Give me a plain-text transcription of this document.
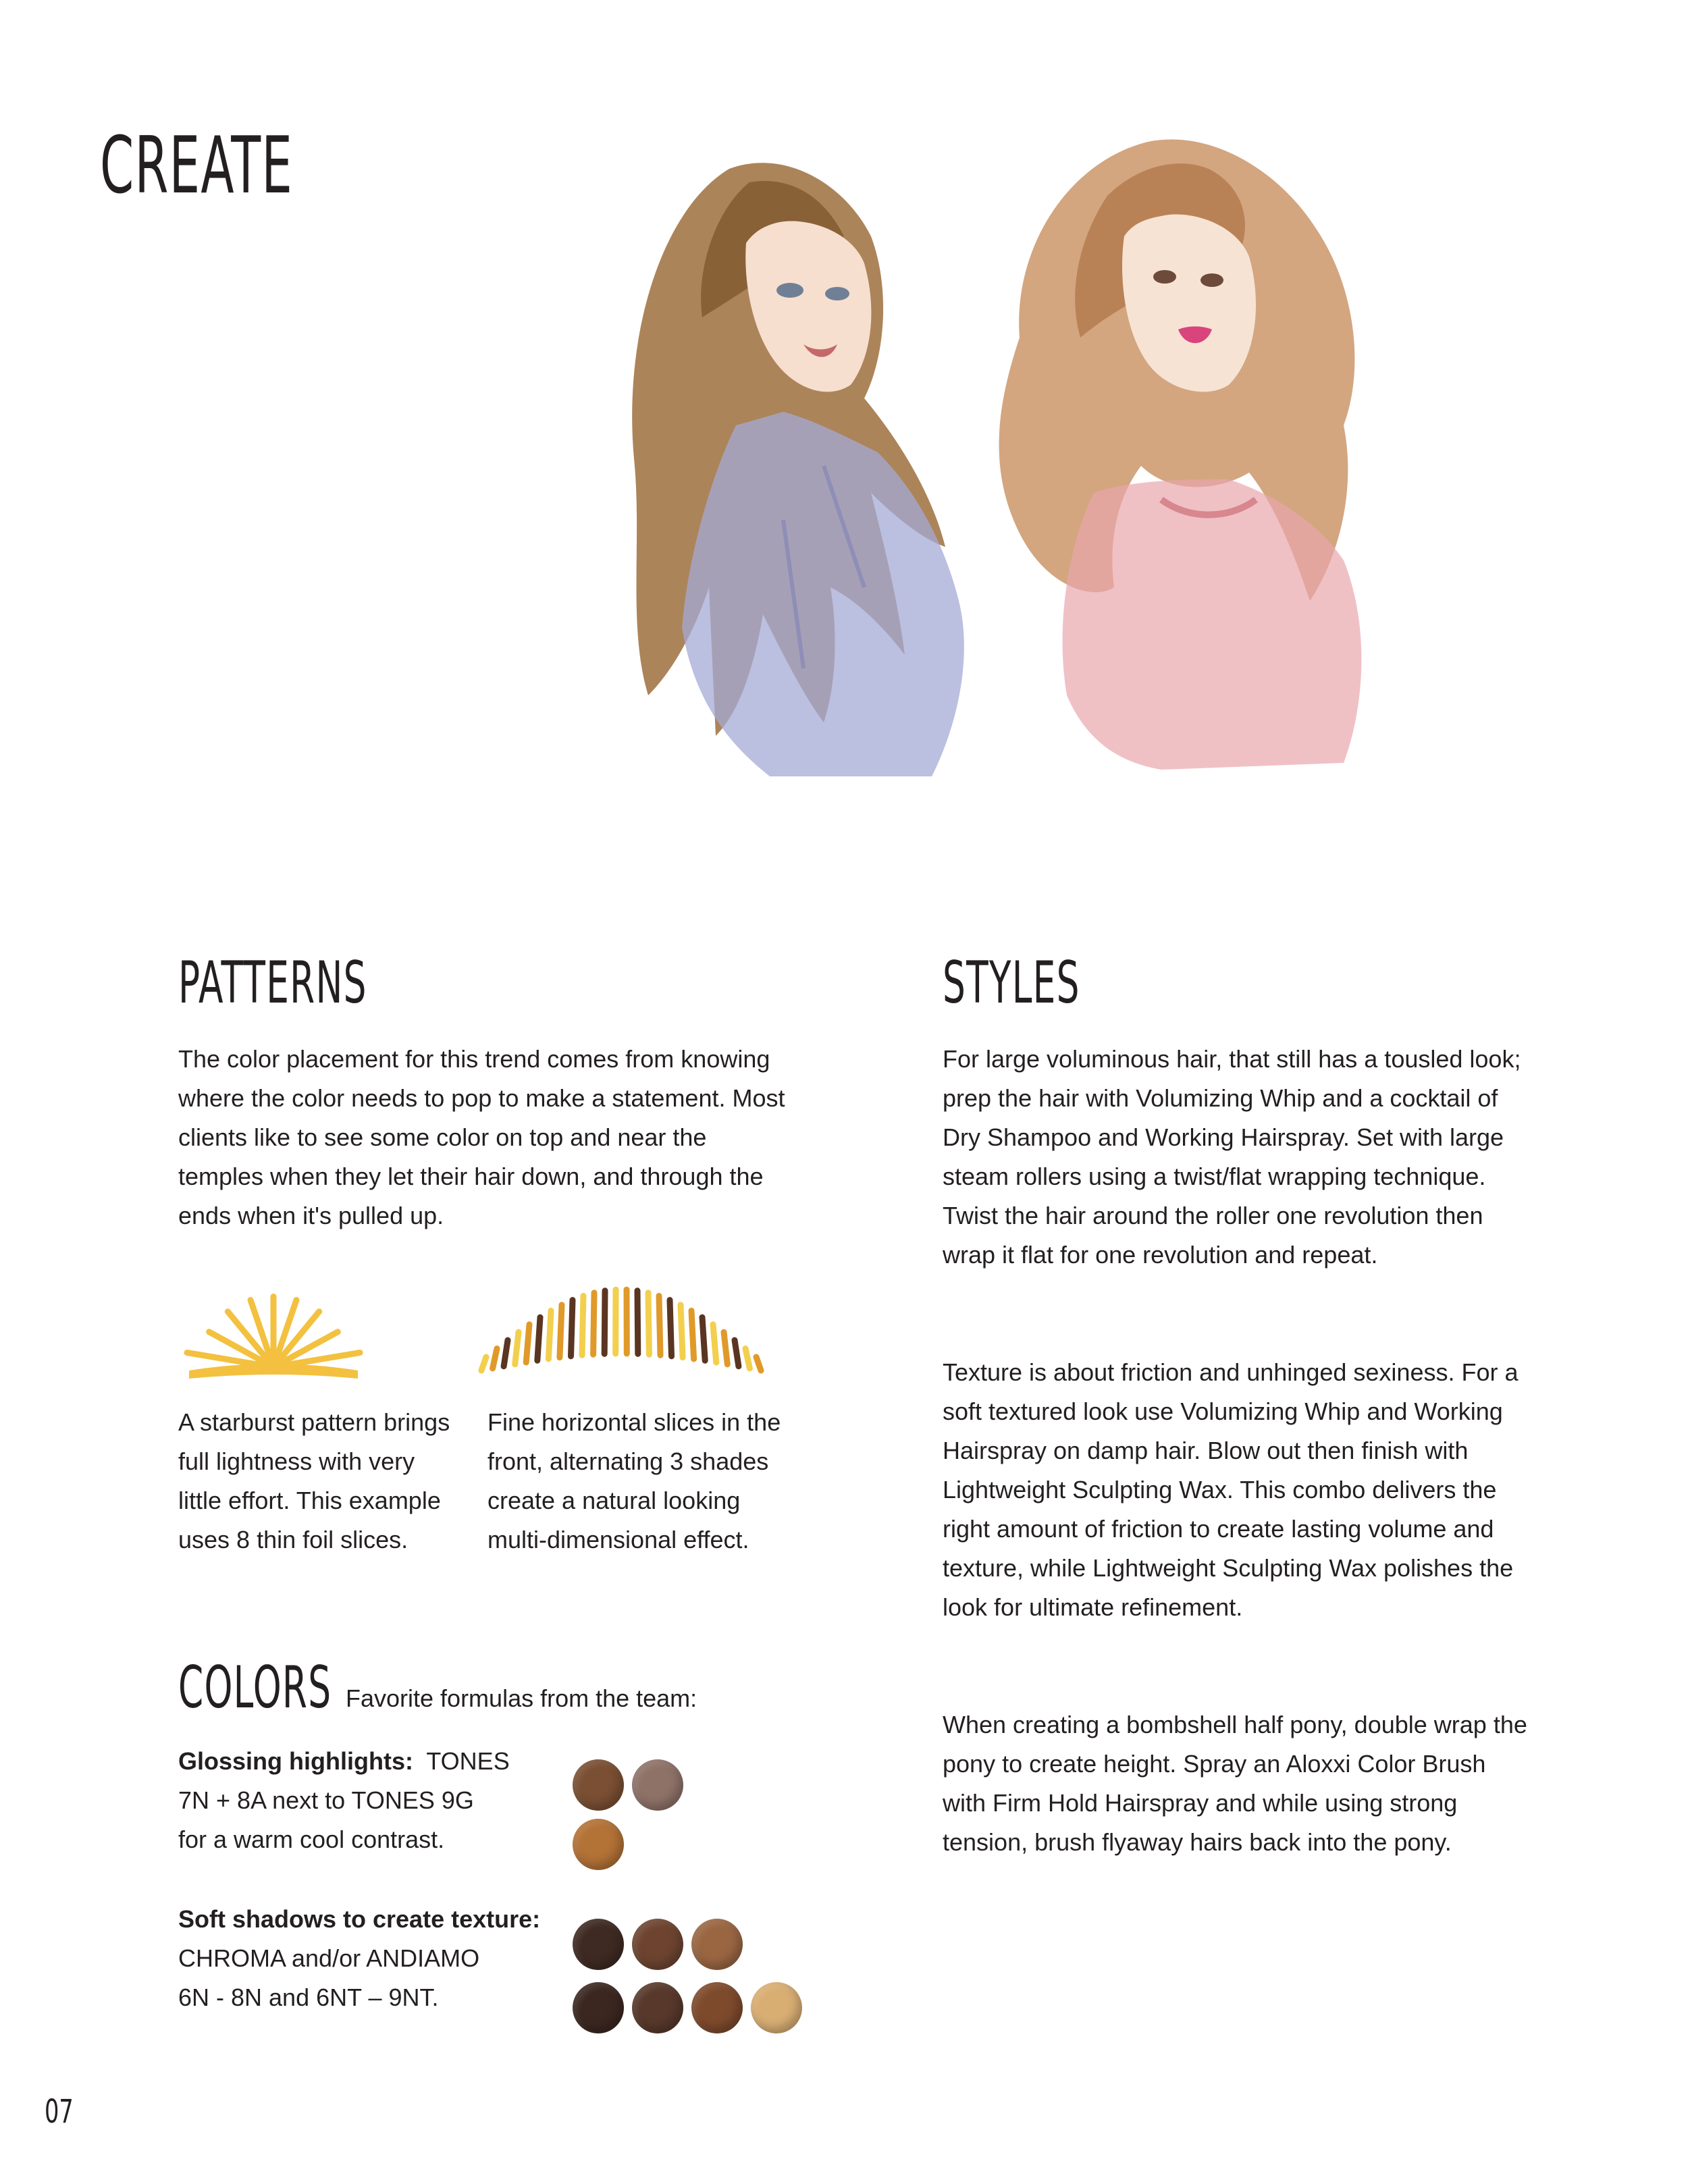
CREATE
PATTERNS

The color placement for this trend comes from knowing where the color needs to pop to make a statement. Most clients like to see some color on top and near the temples when they let their hair down, and through the ends when it's pulled up.

A starburst pattern brings full lightness with very little effort. This example uses 8 thin foil slices.

Fine horizontal slices in the front, alternating 3 shades create a natural looking multi-dimensional effect.

COLORS Favorite formulas from the team:

Glossing highlights: TONES
7N + 8A next to TONES 9G
for a warm cool contrast.
Soft shadows to create texture:
CHROMA and/or ANDIAMO
6N - 8N and 6NT – 9NT.
STYLES

For large voluminous hair, that still has a tousled look; prep the hair with Volumizing Whip and a cocktail of Dry Shampoo and Working Hairspray. Set with large steam rollers using a twist/flat wrapping technique. Twist the hair around the roller one revolution then wrap it flat for one revolution and repeat.

Texture is about friction and unhinged sexiness. For a soft textured look use Volumizing Whip and Working Hairspray on damp hair. Blow out then finish with Lightweight Sculpting Wax. This combo delivers the right amount of friction to create lasting volume and texture, while Lightweight Sculpting Wax polishes the look for ultimate refinement.

When creating a bombshell half pony, double wrap the pony to create height. Spray an Aloxxi Color Brush with Firm Hold Hairspray and while using strong tension, brush flyaway hairs back into the pony.

07
